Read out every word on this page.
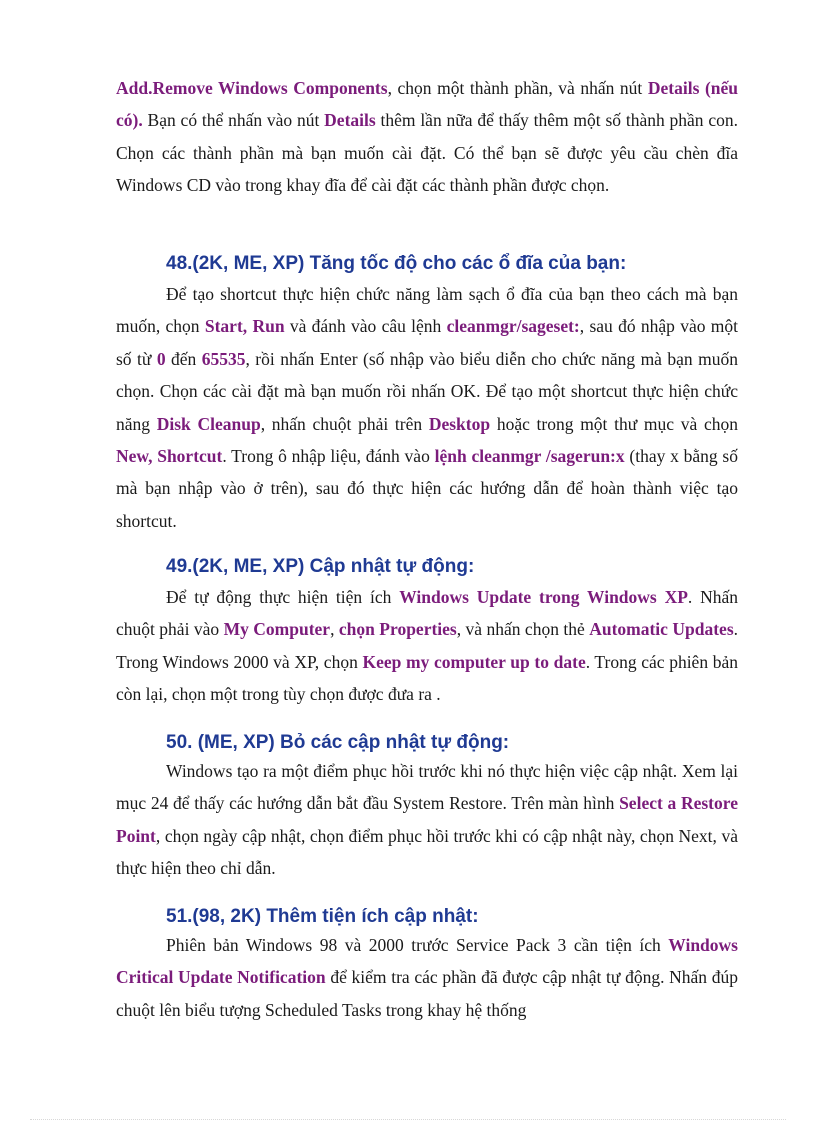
Add.Remove Windows Components, chọn một thành phần, và nhấn nút Details (nếu có). Bạn có thể nhấn vào nút Details thêm lần nữa để thấy thêm một số thành phần con. Chọn các thành phần mà bạn muốn cài đặt. Có thể bạn sẽ được yêu cầu chèn đĩa Windows CD vào trong khay đĩa để cài đặt các thành phần được chọn.

48.(2K, ME, XP) Tăng tốc độ cho các ổ đĩa của bạn:

Để tạo shortcut thực hiện chức năng làm sạch ổ đĩa của bạn theo cách mà bạn muốn, chọn Start, Run và đánh vào câu lệnh cleanmgr/sageset:, sau đó nhập vào một số từ 0 đến 65535, rồi nhấn Enter (số nhập vào biểu diễn cho chức năng mà bạn muốn chọn. Chọn các cài đặt mà bạn muốn rồi nhấn OK. Để tạo một shortcut thực hiện chức năng Disk Cleanup, nhấn chuột phải trên Desktop hoặc trong một thư mục và chọn New, Shortcut. Trong ô nhập liệu, đánh vào lệnh cleanmgr /sagerun:x (thay x bằng số mà bạn nhập vào ở trên), sau đó thực hiện các hướng dẫn để hoàn thành việc tạo shortcut.

49.(2K, ME, XP) Cập nhật tự động:

Để tự động thực hiện tiện ích Windows Update trong Windows XP. Nhấn chuột phải vào My Computer, chọn Properties, và nhấn chọn thẻ Automatic Updates. Trong Windows 2000 và XP, chọn Keep my computer up to date. Trong các phiên bản còn lại, chọn một trong tùy chọn được đưa ra .

50. (ME, XP) Bỏ các cập nhật tự động:

Windows tạo ra một điểm phục hồi trước khi nó thực hiện việc cập nhật. Xem lại mục 24 để thấy các hướng dẫn bắt đầu System Restore. Trên màn hình Select a Restore Point, chọn ngày cập nhật, chọn điểm phục hồi trước khi có cập nhật này, chọn Next, và thực hiện theo chỉ dẫn.

51.(98, 2K) Thêm tiện ích cập nhật:

Phiên bản Windows 98 và 2000 trước Service Pack 3 cần tiện ích Windows Critical Update Notification để kiểm tra các phần đã được cập nhật tự động. Nhấn đúp chuột lên biểu tượng Scheduled Tasks trong khay hệ thống
